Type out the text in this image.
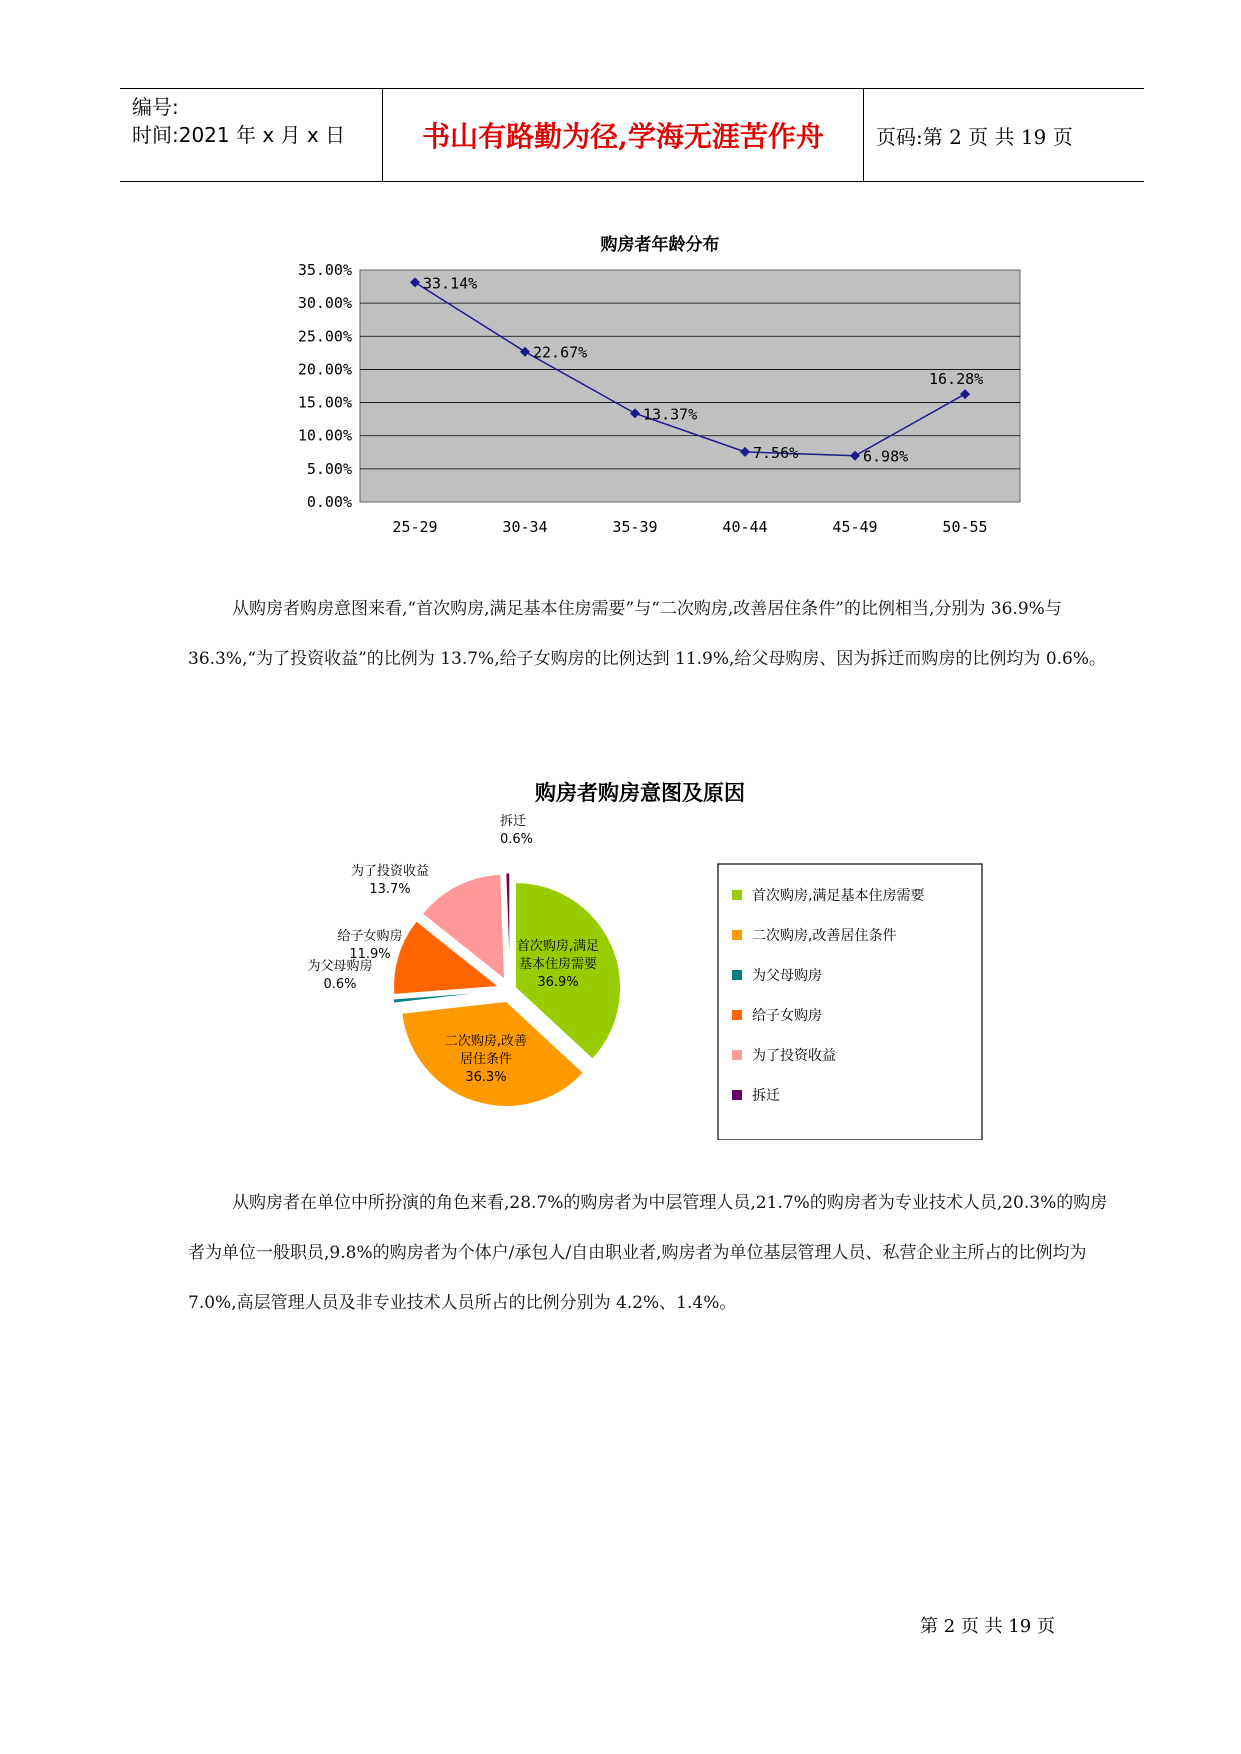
编号:
时间:2021 年 x 月 x 日	书山有路勤为径,学海无涯苦作舟	页码:第 2 页 共 19 页
购房者年龄分布
0.00%
5.00%
10.00%
15.00%
20.00%
25.00%
30.00%
35.00%
25-29	30-34	35-39	40-44	45-49	50-55
33.14%
22.67%
13.37%
7.56%	6.98%
16.28%
从购房者购房意图来看,“首次购房,满足基本住房需要”与“二次购房,改善居住条件”的比例相当,分别为 36.9%与 36.3%,“为了投资收益”的比例为 13.7%,给子女购房的比例达到 11.9%,给父母购房、因为拆迁而购房的比例均为 0.6%。
购房者购房意图及原因
首次购房,满足
基本住房需要
36.9%
二次购房,改善
居住条件
36.3%
为父母购房
0.6%
给子女购房
11.9%
为了投资收益
13.7%
拆迁
0.6%
首次购房,满足基本住房需要
二次购房,改善居住条件
为父母购房
给子女购房
为了投资收益
拆迁
从购房者在单位中所扮演的角色来看,28.7%的购房者为中层管理人员,21.7%的购房者为专业技术人员,20.3%的购房者为单位一般职员,9.8%的购房者为个体户/承包人/自由职业者,购房者为单位基层管理人员、私营企业主所占的比例均为 7.0%,高层管理人员及非专业技术人员所占的比例分别为 4.2%、1.4%。
第 2 页 共 19 页
